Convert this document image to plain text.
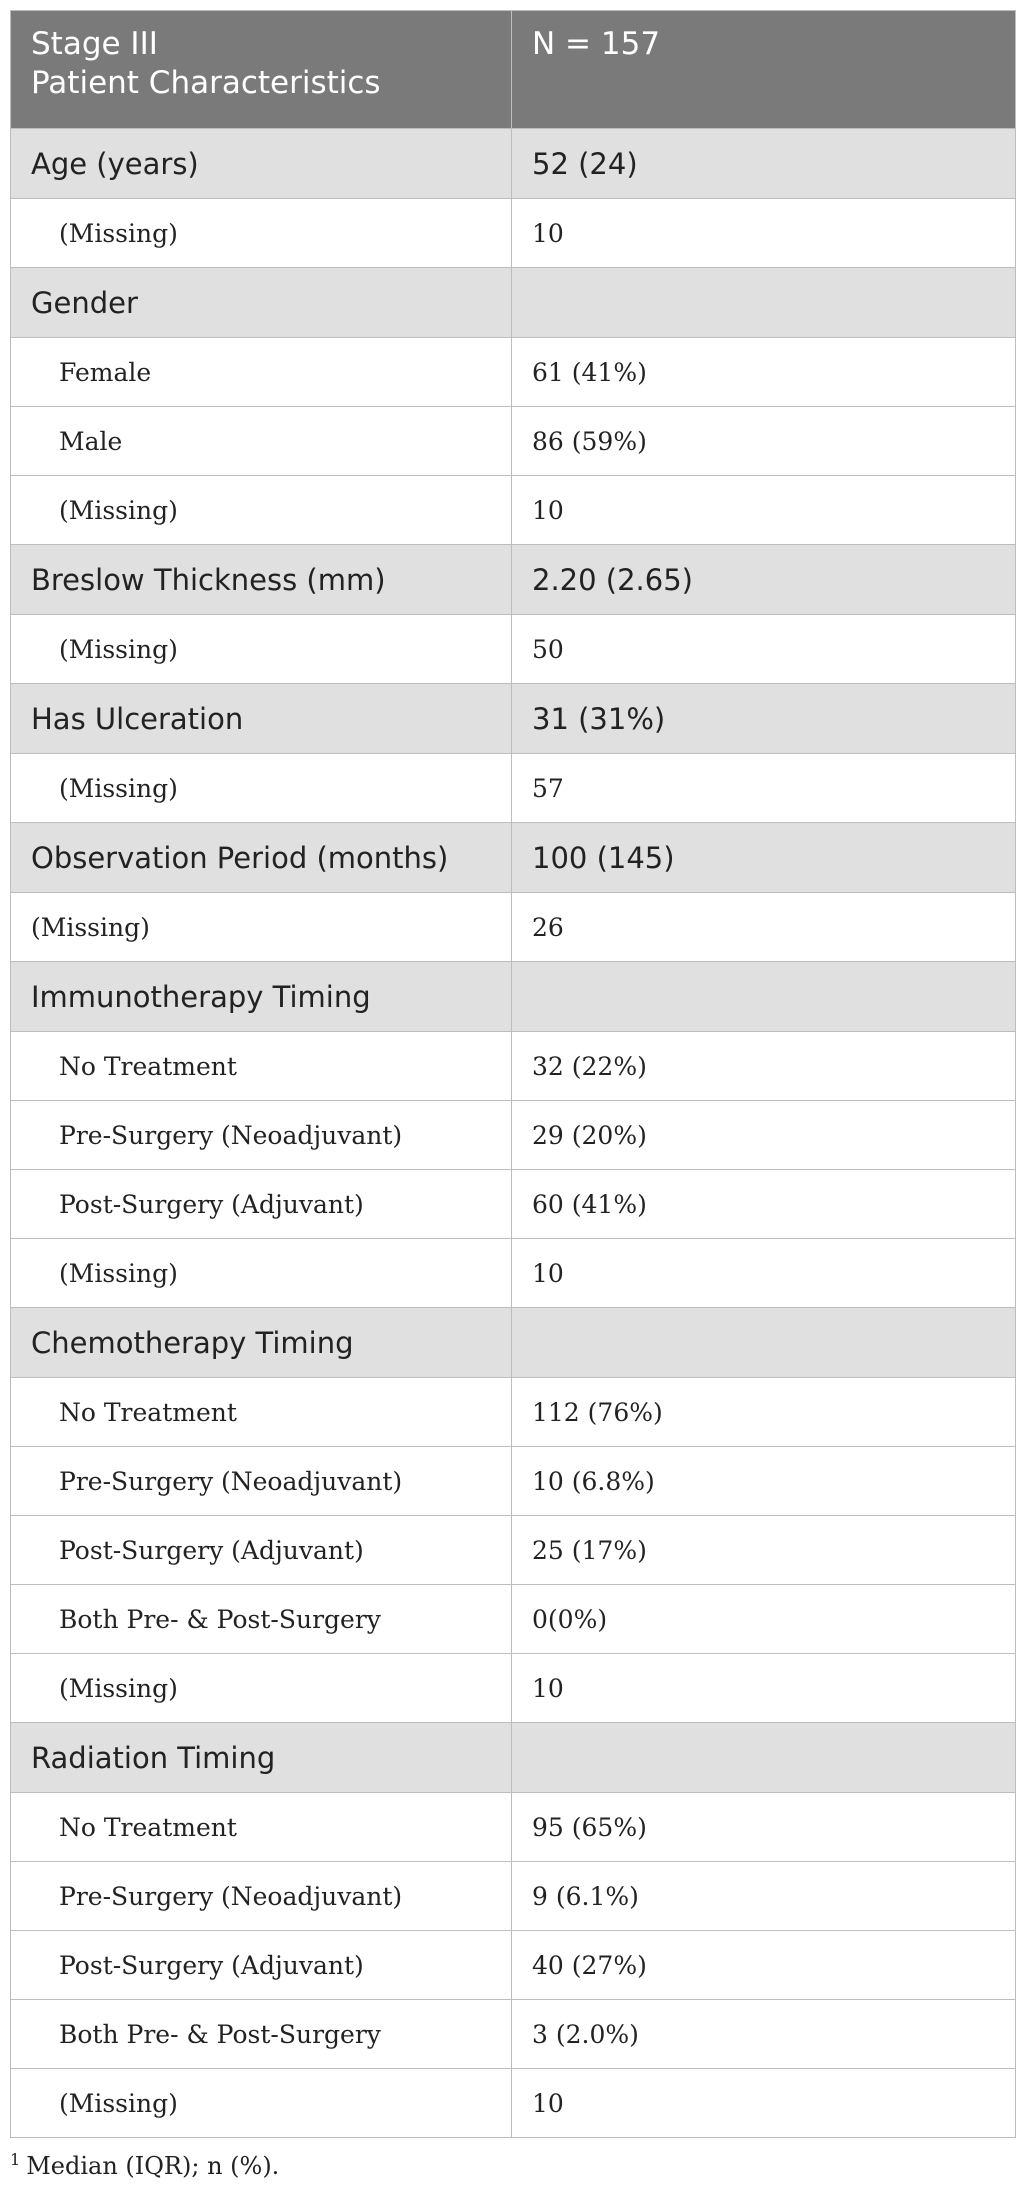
Stage III
Patient Characteristics	N = 157
Age (years)	52 (24)
(Missing)	10
Gender	
Female	61 (41%)
Male	86 (59%)
(Missing)	10
Breslow Thickness (mm)	2.20 (2.65)
(Missing)	50
Has Ulceration	31 (31%)
(Missing)	57
Observation Period (months)	100 (145)
(Missing)	26
Immunotherapy Timing	
No Treatment	32 (22%)
Pre-Surgery (Neoadjuvant)	29 (20%)
Post-Surgery (Adjuvant)	60 (41%)
(Missing)	10
Chemotherapy Timing	
No Treatment	112 (76%)
Pre-Surgery (Neoadjuvant)	10 (6.8%)
Post-Surgery (Adjuvant)	25 (17%)
Both Pre- & Post-Surgery	0(0%)
(Missing)	10
Radiation Timing	
No Treatment	95 (65%)
Pre-Surgery (Neoadjuvant)	9 (6.1%)
Post-Surgery (Adjuvant)	40 (27%)
Both Pre- & Post-Surgery	3 (2.0%)
(Missing)	10
$^1$ Median (IQR); n (%).
